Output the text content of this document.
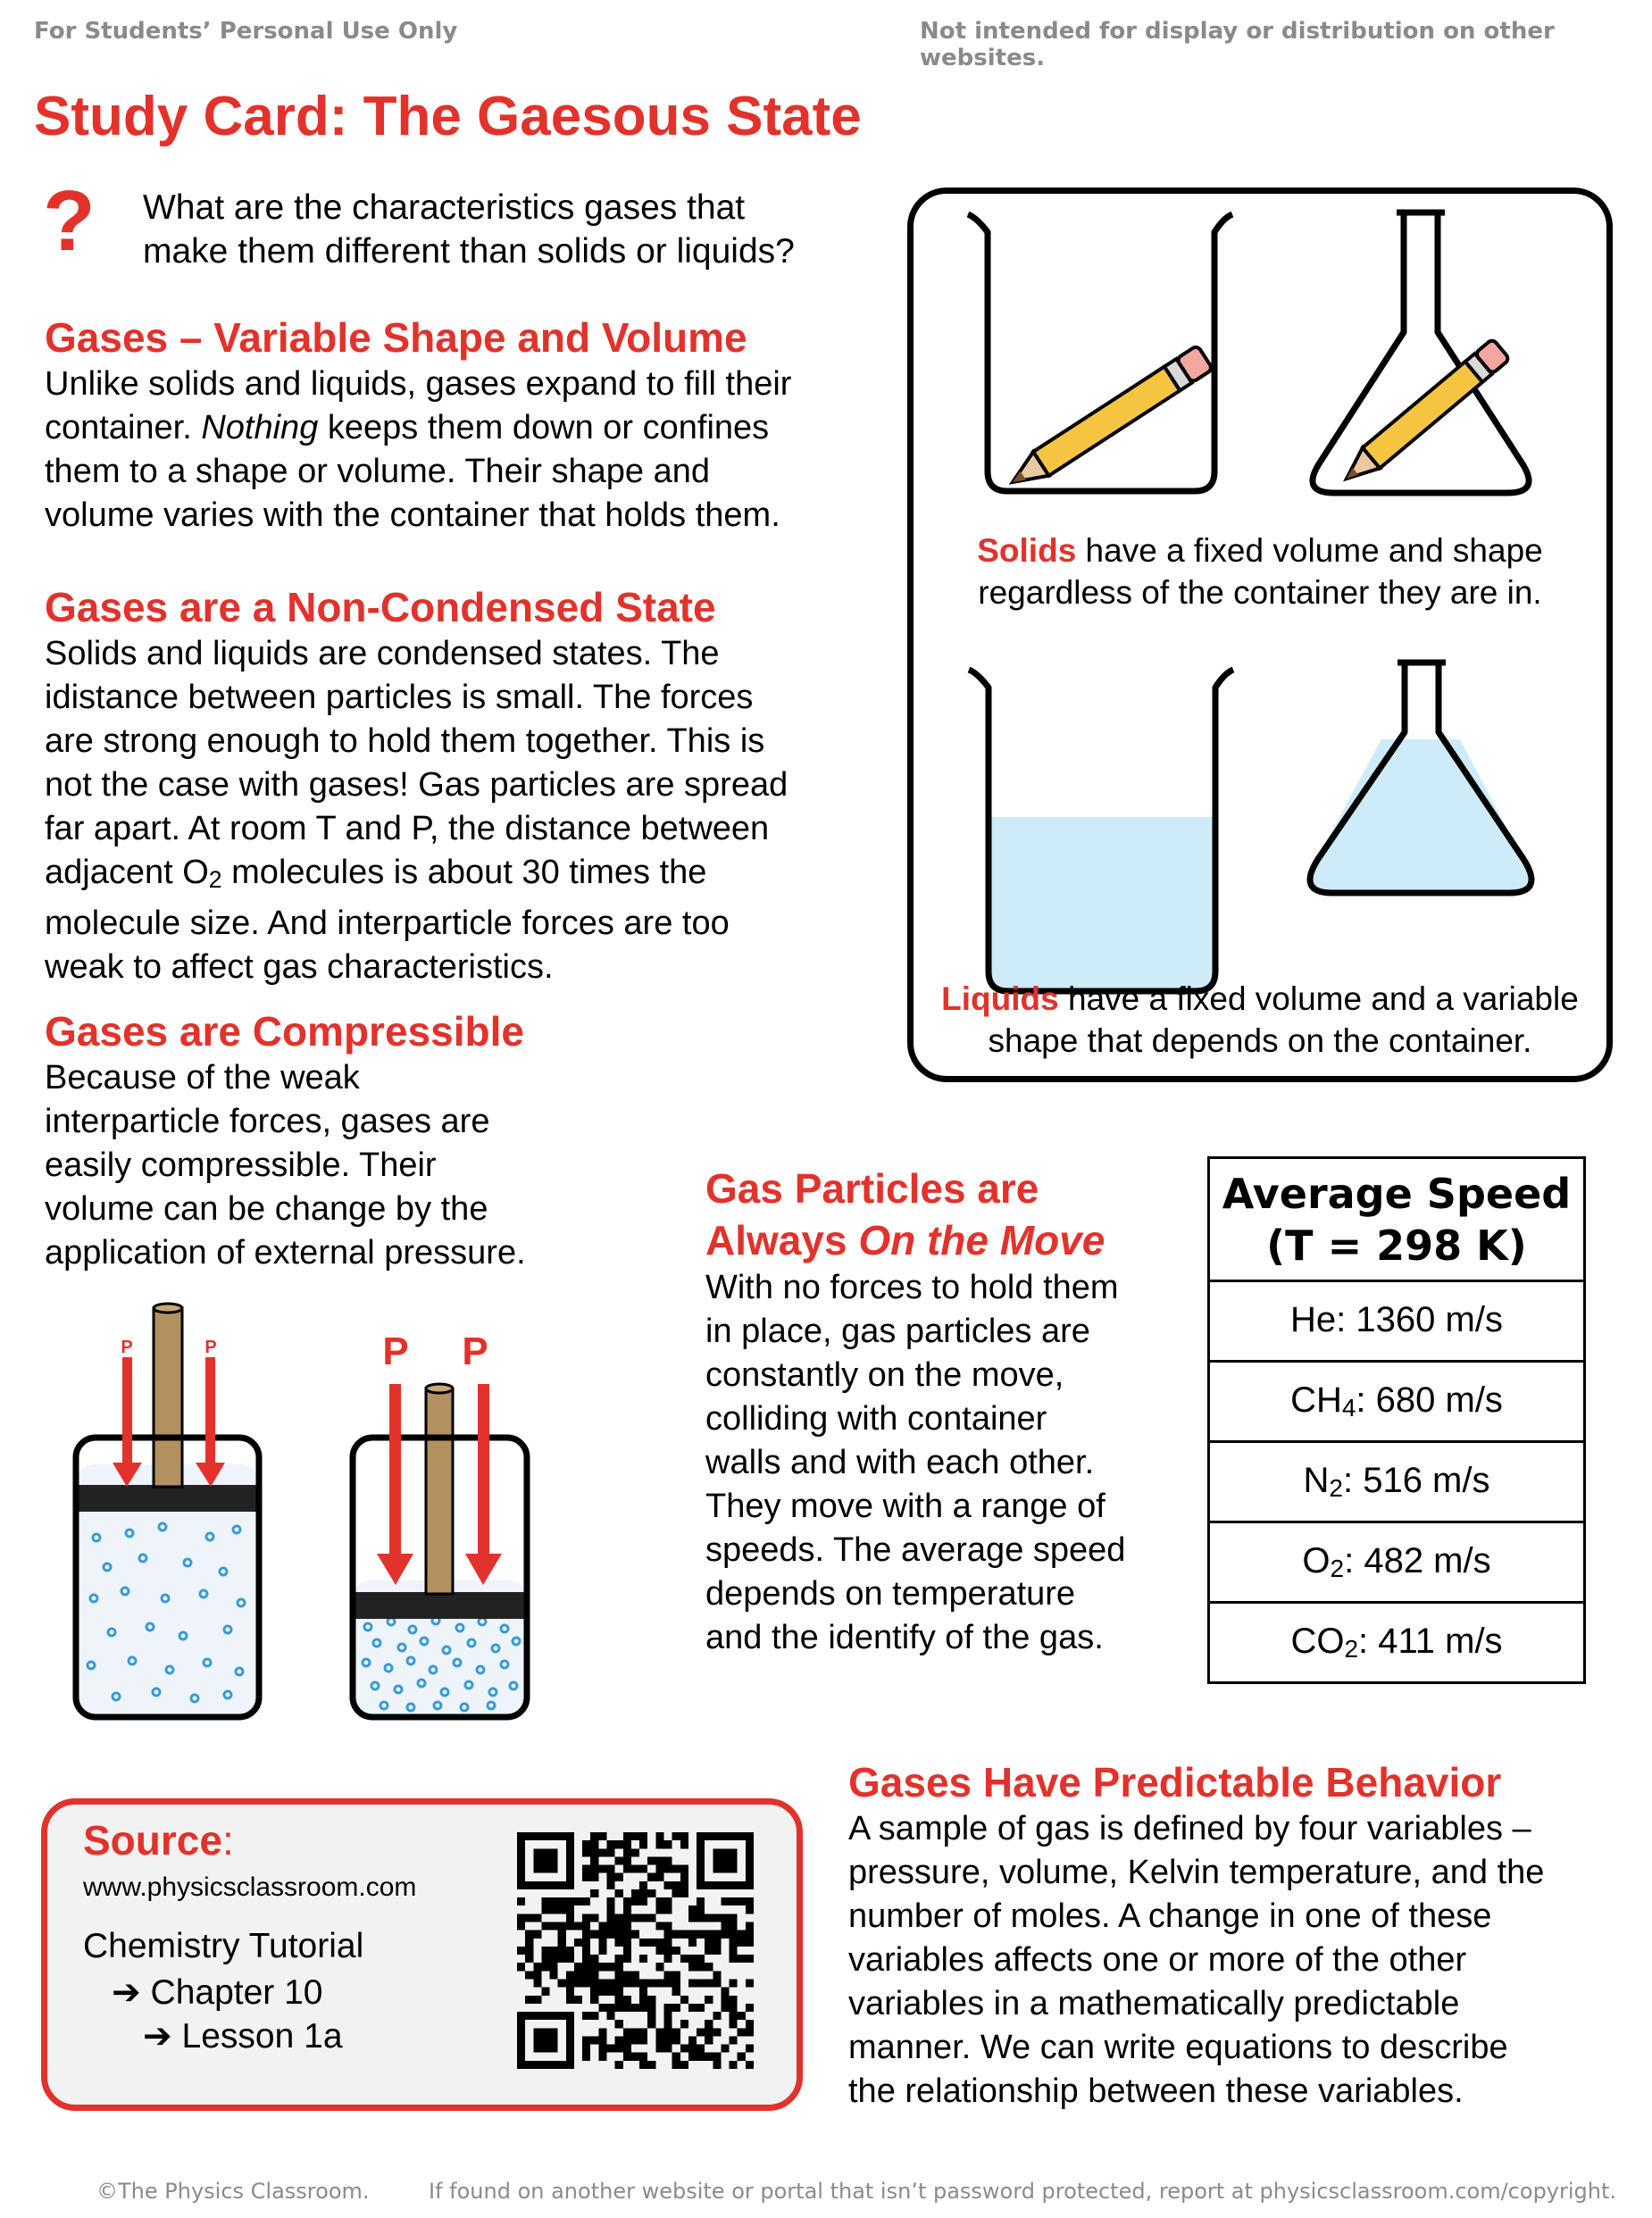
For Students’ Personal Use Only	Not intended for display or distribution on other websites.
Study Card: The Gaesous State
? What are the characteristics gases that
make them different than solids or liquids?
Gases – Variable Shape and Volume
Unlike solids and liquids, gases expand to fill their
container. Nothing keeps them down or confines
them to a shape or volume. Their shape and
volume varies with the container that holds them.
Gases are a Non-Condensed State
Solids and liquids are condensed states. The
idistance between particles is small. The forces
are strong enough to hold them together. This is
not the case with gases! Gas particles are spread
far apart. At room T and P, the distance between
adjacent O2 molecules is about 30 times the
molecule size. And interparticle forces are too
weak to affect gas characteristics.
Gases are Compressible
Because of the weak
interparticle forces, gases are
easily compressible. Their
volume can be change by the
application of external pressure.
P	P	P P
Solids have a fixed volume and shape
regardless of the container they are in.
Liquids have a fixed volume and a variable
shape that depends on the container.
Gas Particles are
Always On the Move
With no forces to hold them
in place, gas particles are
constantly on the move,
colliding with container
walls and with each other.
They move with a range of
speeds. The average speed
depends on temperature
and the identify of the gas.
Average Speed
(T = 298 K)

He: 1360 m/s
CH4: 680 m/s
N2: 516 m/s
O2: 482 m/s
CO2: 411 m/s
Source:
www.physicsclassroom.com
Chemistry Tutorial
➔ Chapter 10
➔ Lesson 1a
Gases Have Predictable Behavior
A sample of gas is defined by four variables –
pressure, volume, Kelvin temperature, and the
number of moles. A change in one of these
variables affects one or more of the other
variables in a mathematically predictable
manner. We can write equations to describe
the relationship between these variables.
©The Physics Classroom.	If found on another website or portal that isn’t password protected, report at physicsclassroom.com/copyright.
